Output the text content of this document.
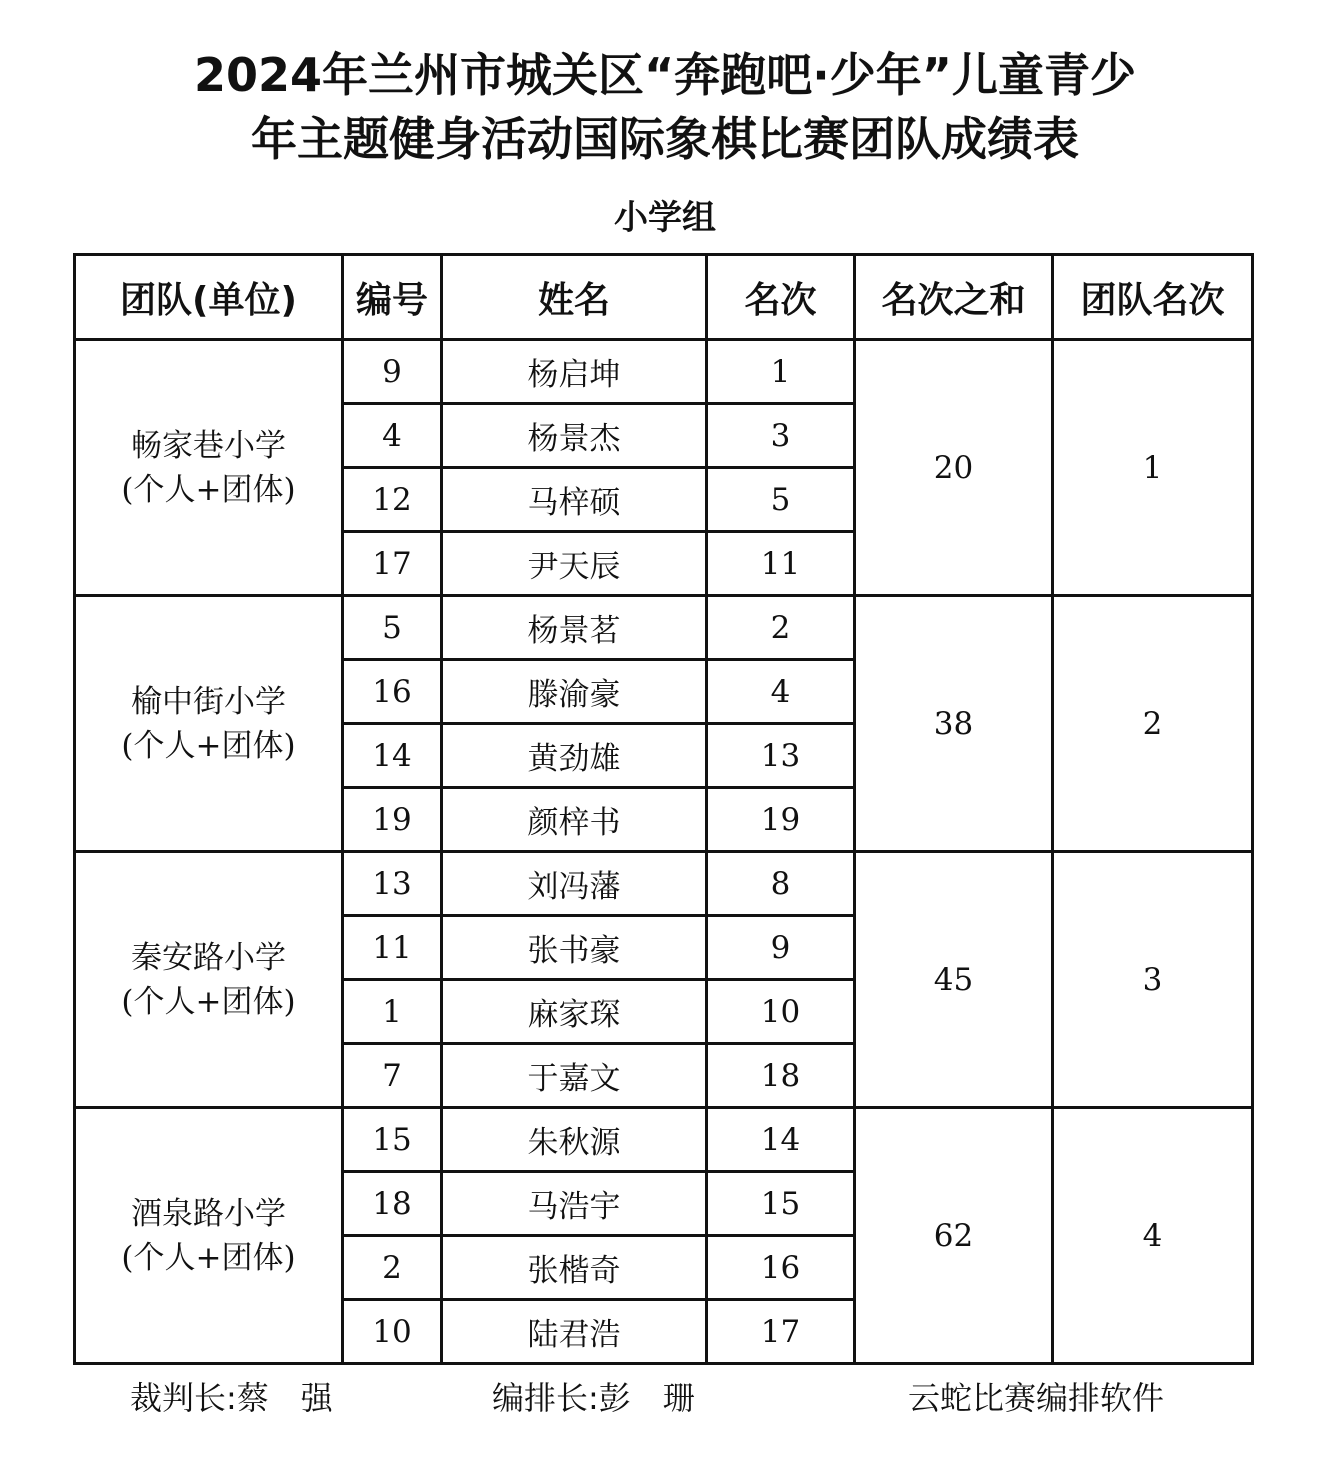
2024年兰州市城关区“奔跑吧·少年”儿童青少
年主题健身活动国际象棋比赛团队成绩表
小学组
团队(单位)	编号	姓名	名次	名次之和	团队名次

畅家巷小学
(个人+团体)	9	杨启坤	1	20	1
	4	杨景杰	3		
	12	马梓硕	5		
	17	尹天辰	11		

榆中街小学
(个人+团体)	5	杨景茗	2	38	2
	16	滕渝豪	4		
	14	黄劲雄	13		
	19	颜梓书	19		

秦安路小学
(个人+团体)	13	刘冯藩	8	45	3
	11	张书豪	9		
	1	麻家琛	10		
	7	于嘉文	18		

酒泉路小学
(个人+团体)	15	朱秋源	14	62	4
	18	马浩宇	15		
	2	张楷奇	16		
	10	陆君浩	17		
裁判长:蔡　强	编排长:彭　珊	云蛇比赛编排软件
